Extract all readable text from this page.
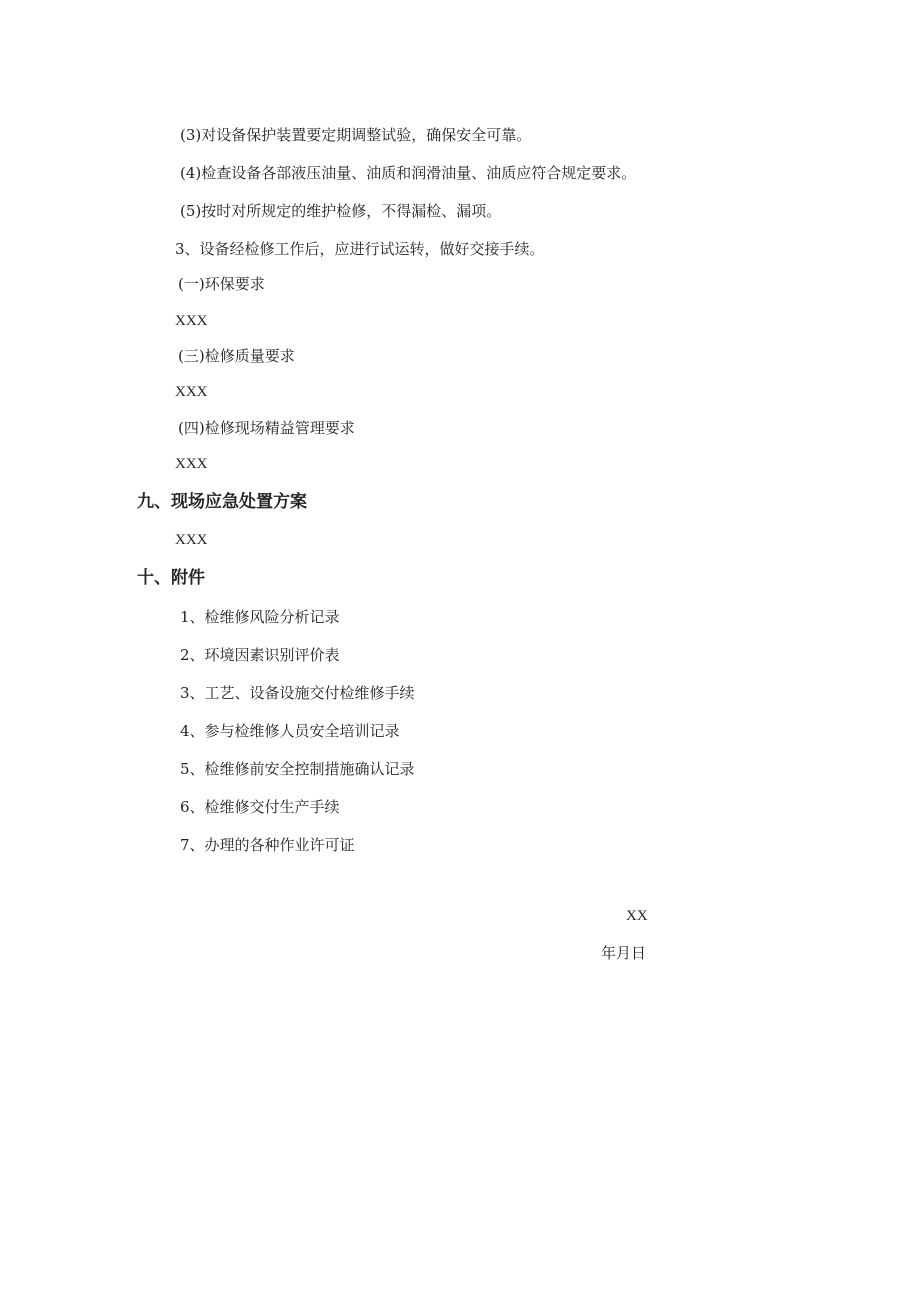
(3)对设备保护装置要定期调整试验，确保安全可靠。
(4)检查设备各部液压油量、油质和润滑油量、油质应符合规定要求。
(5)按时对所规定的维护检修，不得漏检、漏项。
3、设备经检修工作后，应进行试运转，做好交接手续。
(一)环保要求
XXX
(三)检修质量要求
XXX
(四)检修现场精益管理要求
XXX
九、现场应急处置方案
XXX
十、附件
1、检维修风险分析记录
2、环境因素识别评价表
3、工艺、设备设施交付检维修手续
4、参与检维修人员安全培训记录
5、检维修前安全控制措施确认记录
6、检维修交付生产手续
7、办理的各种作业许可证
XX
年月日
